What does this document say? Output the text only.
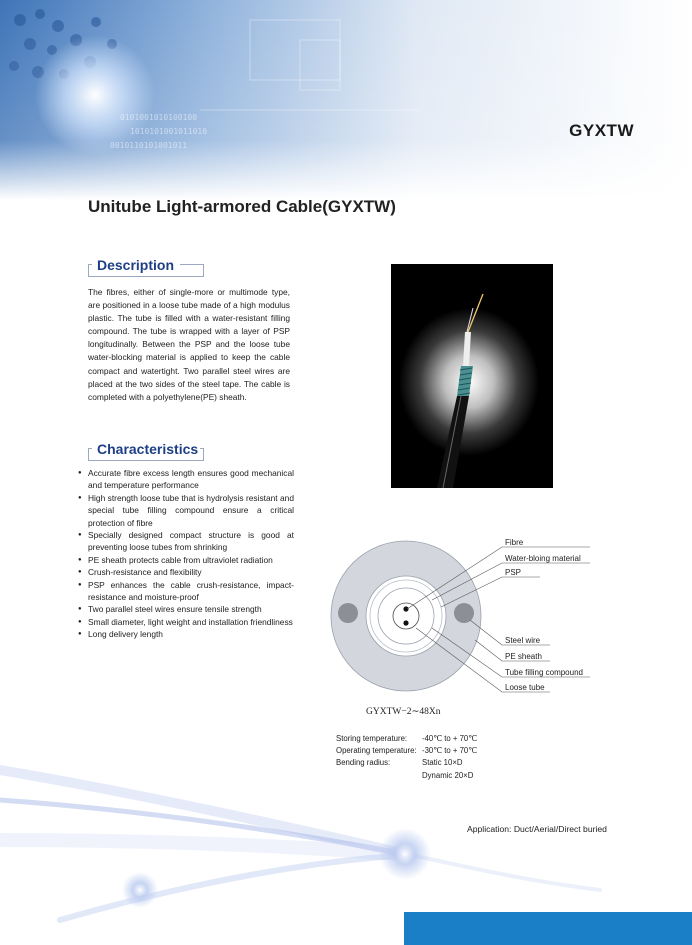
GYXTW
Unitube Light-armored Cable(GYXTW)
Description

The fibres, either of single-more or multimode type, are positioned in a loose tube made of a high modulus plastic. The tube is filled with a water-resistant filling compound. The tube is wrapped with a layer of PSP longitudinally. Between the PSP and the loose tube water-blocking material is applied to keep the cable compact and watertight. Two parallel steel wires are placed at the two sides of the steel tape. The cable is completed with a polyethylene(PE) sheath.

Characteristics
● Accurate fibre excess length ensures good mechanical and temperature performance
● High strength loose tube that is hydrolysis resistant and special tube filling compound ensure a critical protection of fibre
● Specially designed compact structure is good at preventing loose tubes from shrinking
● PE sheath protects cable from ultraviolet radiation
● Crush-resistance and flexibility
● PSP enhances the cable crush-resistance, impact-resistance and moisture-proof
● Two parallel steel wires ensure tensile strength
● Small diameter, light weight and installation friendliness
● Long delivery length
Fibre
Water-bloing material
PSP
Steel wire
PE sheath
Tube filling compound
Loose tube
GYXTW−2∼48Xn
Storing temperature:	-40℃ to + 70℃
Operating temperature:	-30℃ to + 70℃
Bending radius:	Static 10×D
	Dynamic 20×D
Application: Duct/Aerial/Direct buried
